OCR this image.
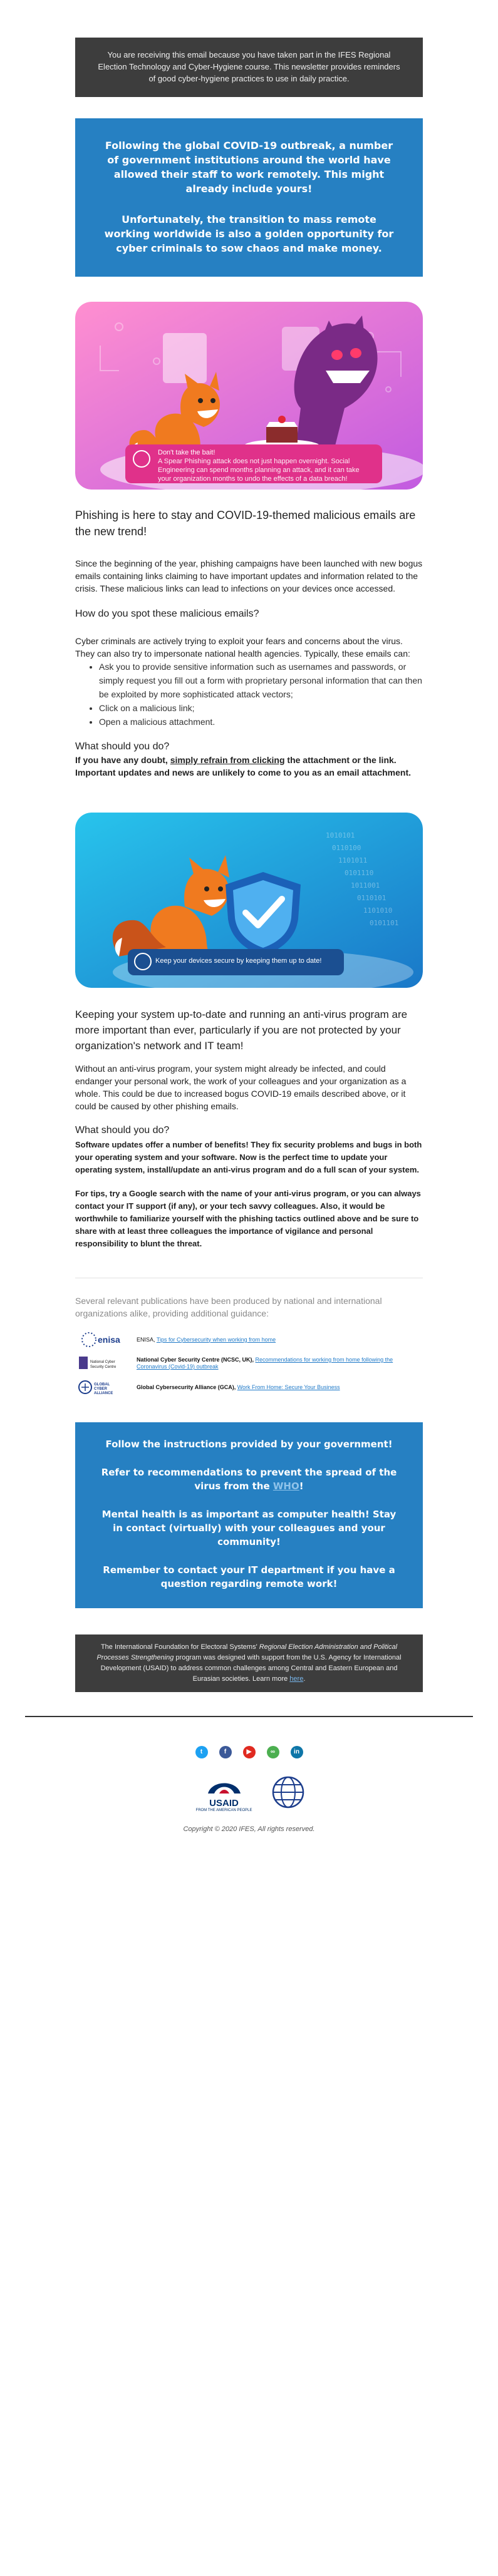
You are receiving this email because you have taken part in the IFES Regional Election Technology and Cyber-Hygiene course. This newsletter provides reminders of good cyber-hygiene practices to use in daily practice.

Following the global COVID-19 outbreak, a number of government institutions around the world have allowed their staff to work remotely. This might already include yours!

Unfortunately, the transition to mass remote working worldwide is also a golden opportunity for cyber criminals to sow chaos and make money.

Don't take the bait!
A Spear Phishing attack does not just happen overnight. Social Engineering can spend months planning an attack, and it can take your organization months to undo the effects of a data breach!

Phishing is here to stay and COVID-19-themed malicious emails are the new trend!

Since the beginning of the year, phishing campaigns have been launched with new bogus emails containing links claiming to have important updates and information related to the crisis. These malicious links can lead to infections on your devices once accessed.

How do you spot these malicious emails?

Cyber criminals are actively trying to exploit your fears and concerns about the virus. They can also try to impersonate national health agencies. Typically, these emails can:

• Ask you to provide sensitive information such as usernames and passwords, or simply request you fill out a form with proprietary personal information that can then be exploited by more sophisticated attack vectors;
• Click on a malicious link;
• Open a malicious attachment.

What should you do?

If you have any doubt, simply refrain from clicking the attachment or the link. Important updates and news are unlikely to come to you as an email attachment.

1010101
0110100
1101011
0101110
1011001
0110101
1101010
0101101
Keep your devices secure by keeping them up to date!

Keeping your system up-to-date and running an anti-virus program are more important than ever, particularly if you are not protected by your organization's network and IT team!

Without an anti-virus program, your system might already be infected, and could endanger your personal work, the work of your colleagues and your organization as a whole. This could be due to increased bogus COVID-19 emails described above, or it could be caused by other phishing emails.

What should you do?

Software updates offer a number of benefits! They fix security problems and bugs in both your operating system and your software. Now is the perfect time to update your operating system, install/update an anti-virus program and do a full scan of your system.

For tips, try a Google search with the name of your anti-virus program, or you can always contact your IT support (if any), or your tech savvy colleagues. Also, it would be worthwhile to familiarize yourself with the phishing tactics outlined above and be sure to share with at least three colleagues the importance of vigilance and personal responsibility to blunt the threat.

Several relevant publications have been produced by national and international organizations alike, providing additional guidance:

enisa	ENISA, Tips for Cybersecurity when working from home
National Cyber
Security Centre
National Cyber Security Centre (NCSC, UK), Recommendations for working from home following the Coronavirus (Covid-19) outbreak
GLOBAL
CYBER
ALLIANCE
Global Cybersecurity Alliance (GCA), Work From Home: Secure Your Business

Follow the instructions provided by your government!

Refer to recommendations to prevent the spread of the virus from the WHO!

Mental health is as important as computer health! Stay in contact (virtually) with your colleagues and your community!

Remember to contact your IT department if you have a question regarding remote work!

The International Foundation for Electoral Systems' Regional Election Administration and Political Processes Strengthening program was designed with support from the U.S. Agency for International Development (USAID) to address common challenges among Central and Eastern European and Eurasian societies. Learn more here.
t	f	▶	∞	in
USAID
FROM THE AMERICAN PEOPLE

Copyright © 2020 IFES, All rights reserved.
